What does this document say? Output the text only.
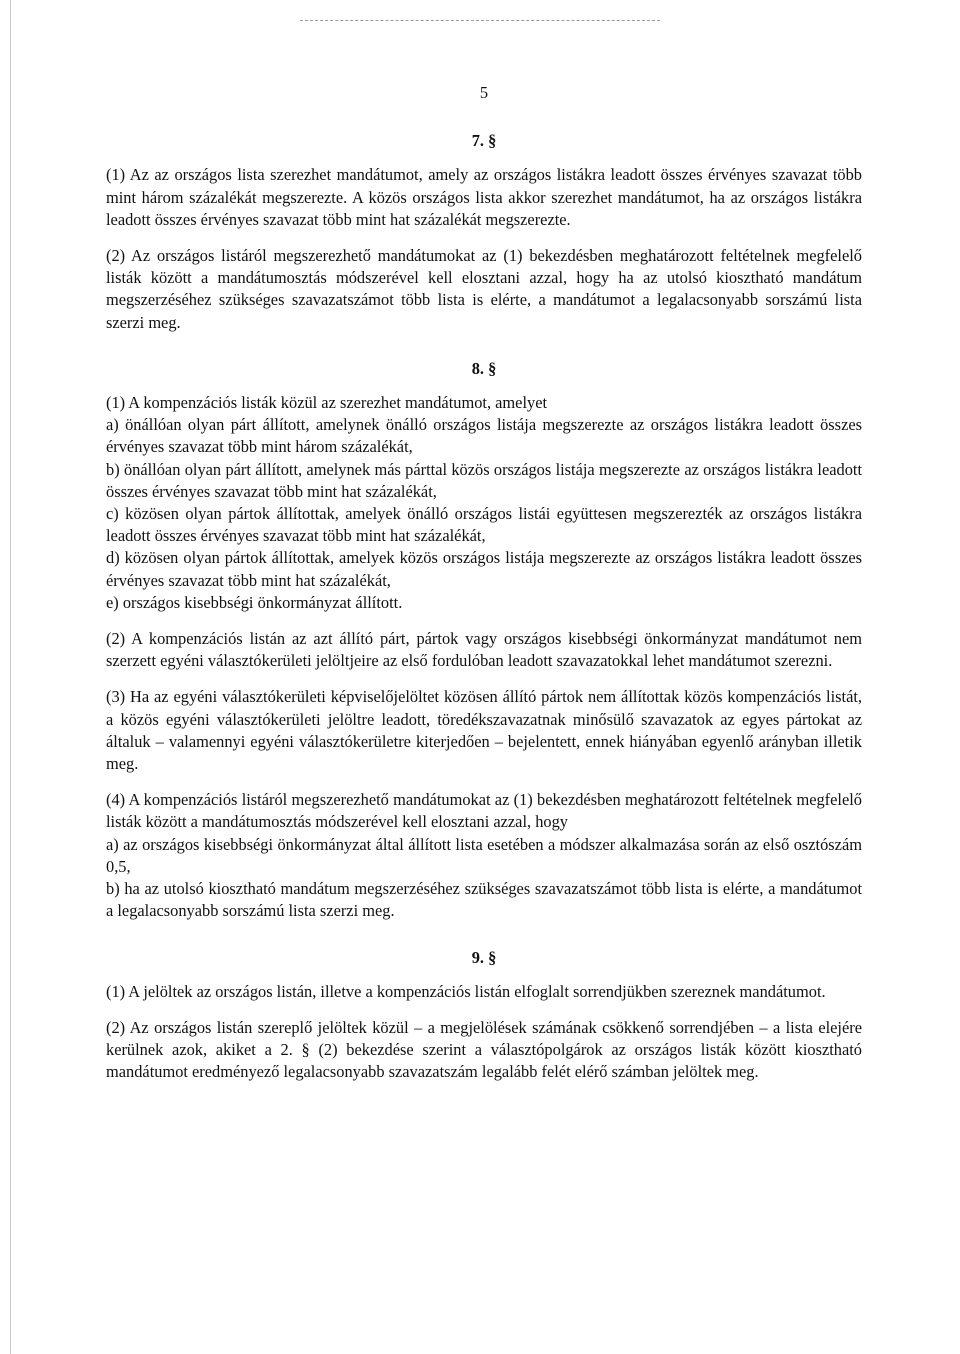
5
7. §

(1) Az az országos lista szerezhet mandátumot, amely az országos listákra leadott összes érvényes szavazat több mint három százalékát megszerezte. A közös országos lista akkor szerezhet mandátumot, ha az országos listákra leadott összes érvényes szavazat több mint hat százalékát megszerezte.

(2) Az országos listáról megszerezhető mandátumokat az (1) bekezdésben meghatározott feltételnek megfelelő listák között a mandátumosztás módszerével kell elosztani azzal, hogy ha az utolsó kiosztható mandátum megszerzéséhez szükséges szavazatszámot több lista is elérte, a mandátumot a legalacsonyabb sorszámú lista szerzi meg.

8. §
(1) A kompenzációs listák közül az szerezhet mandátumot, amelyet
a) önállóan olyan párt állított, amelynek önálló országos listája megszerezte az országos listákra leadott összes érvényes szavazat több mint három százalékát,
b) önállóan olyan párt állított, amelynek más párttal közös országos listája megszerezte az országos listákra leadott összes érvényes szavazat több mint hat százalékát,
c) közösen olyan pártok állítottak, amelyek önálló országos listái együttesen megszerezték az országos listákra leadott összes érvényes szavazat több mint hat százalékát,
d) közösen olyan pártok állítottak, amelyek közös országos listája megszerezte az országos listákra leadott összes érvényes szavazat több mint hat százalékát,
e) országos kisebbségi önkormányzat állított.

(2) A kompenzációs listán az azt állító párt, pártok vagy országos kisebbségi önkormányzat mandátumot nem szerzett egyéni választókerületi jelöltjeire az első fordulóban leadott szavazatokkal lehet mandátumot szerezni.

(3) Ha az egyéni választókerületi képviselőjelöltet közösen állító pártok nem állítottak közös kompenzációs listát, a közös egyéni választókerületi jelöltre leadott, töredékszavazatnak minősülő szavazatok az egyes pártokat az általuk – valamennyi egyéni választókerületre kiterjedően – bejelentett, ennek hiányában egyenlő arányban illetik meg.

(4) A kompenzációs listáról megszerezhető mandátumokat az (1) bekezdésben meghatározott feltételnek megfelelő listák között a mandátumosztás módszerével kell elosztani azzal, hogy
a) az országos kisebbségi önkormányzat által állított lista esetében a módszer alkalmazása során az első osztószám 0,5,
b) ha az utolsó kiosztható mandátum megszerzéséhez szükséges szavazatszámot több lista is elérte, a mandátumot a legalacsonyabb sorszámú lista szerzi meg.
9. §

(1) A jelöltek az országos listán, illetve a kompenzációs listán elfoglalt sorrendjükben szereznek mandátumot.

(2) Az országos listán szereplő jelöltek közül – a megjelölések számának csökkenő sorrendjében – a lista elejére kerülnek azok, akiket a 2. § (2) bekezdése szerint a választópolgárok az országos listák között kiosztható mandátumot eredményező legalacsonyabb szavazatszám legalább felét elérő számban jelöltek meg.
